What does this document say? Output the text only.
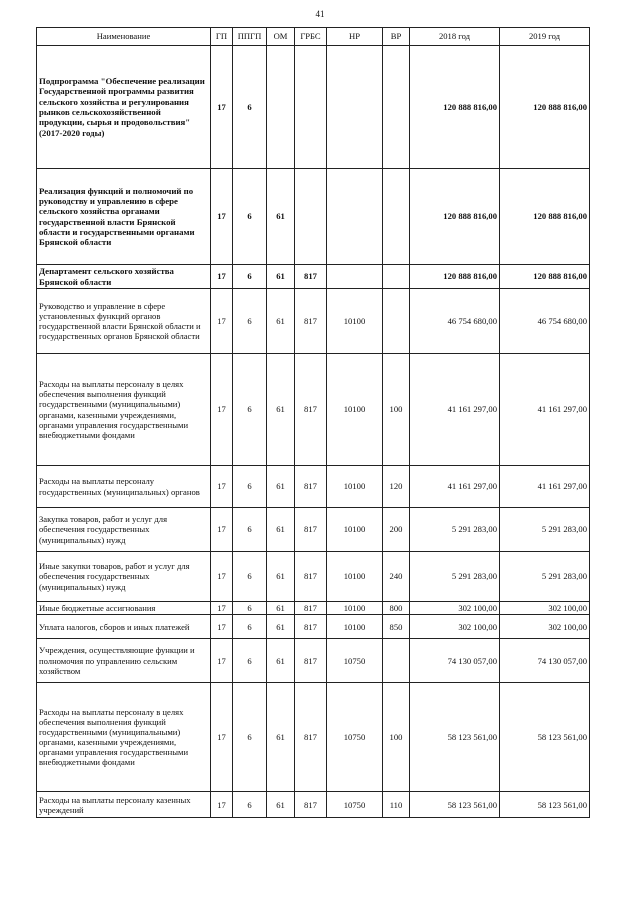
41
Наименование	ГП	ППГП	ОМ	ГРБС	НР	ВР	2018 год	2019 год
Подпрограмма "Обеспечение реализации Государственной программы развития сельского хозяйства и регулирования рынков сельскохозяйственной продукции, сырья и продовольствия" (2017-2020 годы)	17	6					120 888 816,00	120 888 816,00
Реализация функций и полномочий по руководству и управлению в сфере сельского хозяйства органами государственной власти Брянской области и государственными органами Брянской области	17	6	61				120 888 816,00	120 888 816,00
Департамент сельского хозяйства Брянской области	17	6	61	817			120 888 816,00	120 888 816,00
Руководство и управление в сфере установленных функций органов государственной власти Брянской области и государственных органов Брянской области	17	6	61	817	10100		46 754 680,00	46 754 680,00
Расходы на выплаты персоналу в целях обеспечения выполнения функций государственными (муниципальными) органами, казенными учреждениями, органами управления государственными внебюджетными фондами	17	6	61	817	10100	100	41 161 297,00	41 161 297,00
Расходы на выплаты персоналу государственных (муниципальных) органов	17	6	61	817	10100	120	41 161 297,00	41 161 297,00
Закупка товаров, работ и услуг для обеспечения государственных (муниципальных) нужд	17	6	61	817	10100	200	5 291 283,00	5 291 283,00
Иные закупки товаров, работ и услуг для обеспечения государственных (муниципальных) нужд	17	6	61	817	10100	240	5 291 283,00	5 291 283,00
Иные бюджетные ассигнования	17	6	61	817	10100	800	302 100,00	302 100,00
Уплата налогов, сборов и иных платежей	17	6	61	817	10100	850	302 100,00	302 100,00
Учреждения, осуществляющие функции и полномочия по управлению сельским хозяйством	17	6	61	817	10750		74 130 057,00	74 130 057,00
Расходы на выплаты персоналу в целях обеспечения выполнения функций государственными (муниципальными) органами, казенными учреждениями, органами управления государственными внебюджетными фондами	17	6	61	817	10750	100	58 123 561,00	58 123 561,00
Расходы на выплаты персоналу казенных учреждений	17	6	61	817	10750	110	58 123 561,00	58 123 561,00
